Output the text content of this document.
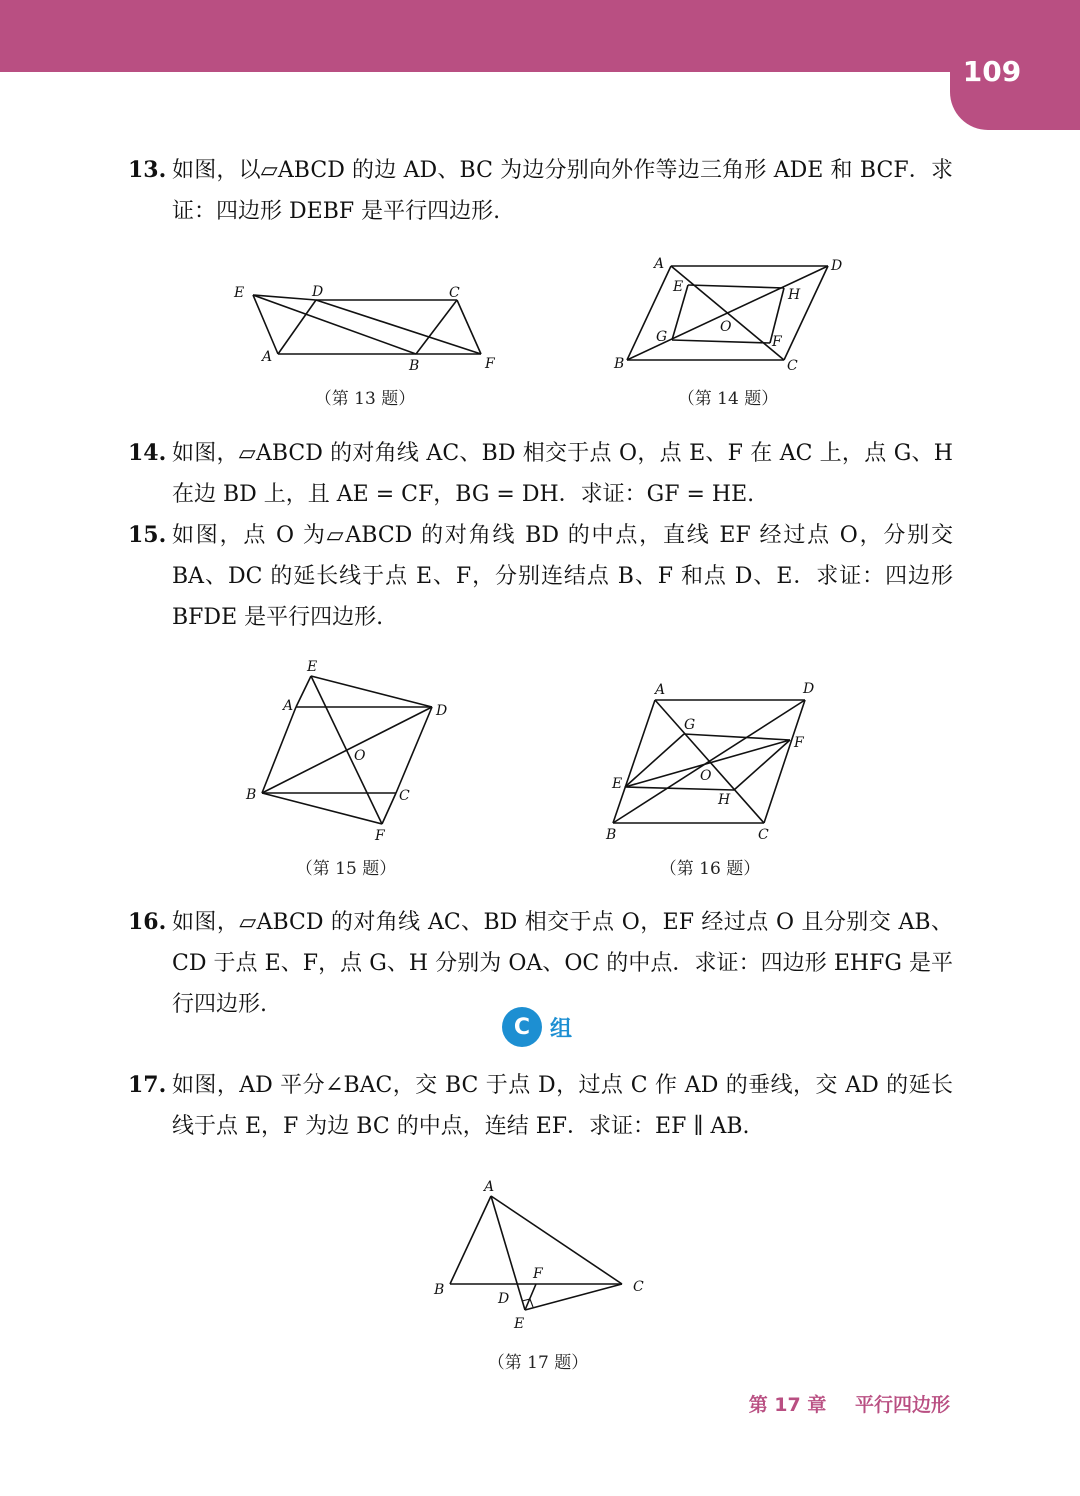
109
13. 如图，以▱ABCD 的边 AD、BC 为边分别向外作等边三角形 ADE 和 BCF．求证：四边形 DEBF 是平行四边形.
E	D	C
A
B	F
（第 13 题）
A	D
E	H
O
G	F
B	C
（第 14 题）
14. 如图，▱ABCD 的对角线 AC、BD 相交于点 O，点 E、F 在 AC 上，点 G、H 在边 BD 上，且 AE = CF，BG = DH．求证：GF = HE.
15. 如图，点 O 为▱ABCD 的对角线 BD 的中点，直线 EF 经过点 O，分别交 BA、DC 的延长线于点 E、F，分别连结点 B、F 和点 D、E．求证：四边形 BFDE 是平行四边形.
E
A	D
O
B	C
F
（第 15 题）
A	D
G
F
E	O
H
B	C
（第 16 题）
16. 如图，▱ABCD 的对角线 AC、BD 相交于点 O，EF 经过点 O 且分别交 AB、CD 于点 E、F，点 G、H 分别为 OA、OC 的中点．求证：四边形 EHFG 是平行四边形.
C 组
17. 如图，AD 平分∠BAC，交 BC 于点 D，过点 C 作 AD 的垂线，交 AD 的延长线于点 E，F 为边 BC 的中点，连结 EF．求证：EF ∥ AB.
A
B	C
F
D
E
（第 17 题）
第 17 章 平行四边形
